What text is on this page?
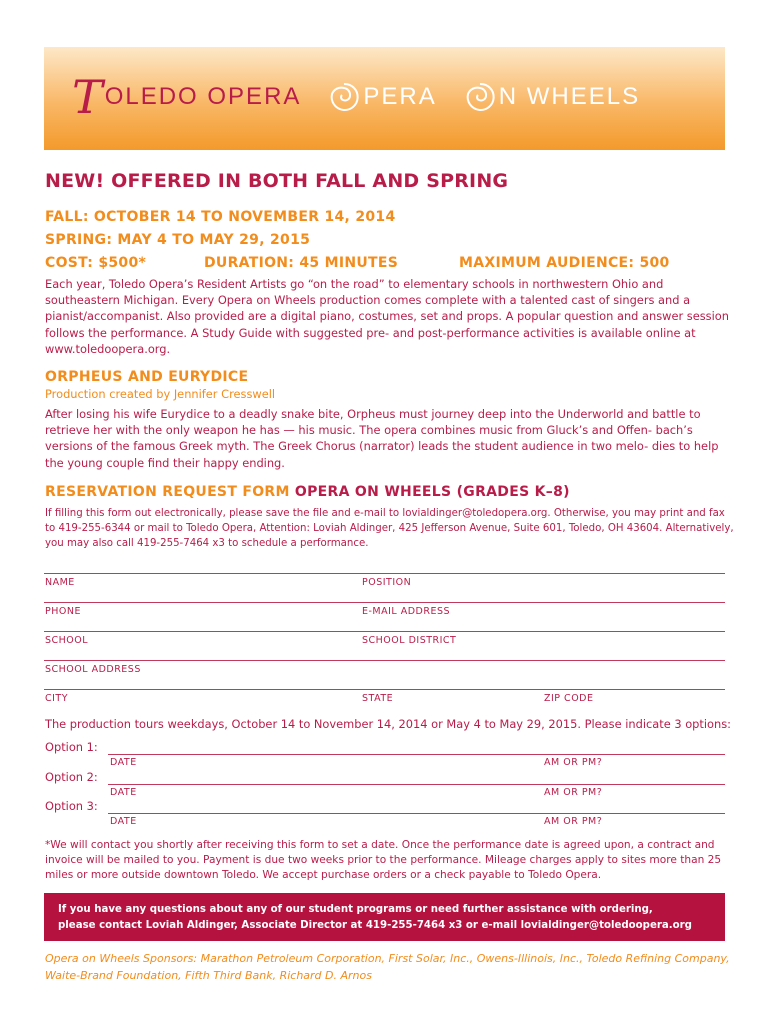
T OLEDO OPERA	PERA	N WHEELS
NEW! OFFERED IN BOTH FALL AND SPRING
FALL: OCTOBER 14 TO NOVEMBER 14, 2014
SPRING: MAY 4 TO MAY 29, 2015
COST: $500*	DURATION: 45 MINUTES	MAXIMUM AUDIENCE: 500
Each year, Toledo Opera’s Resident Artists go “on the road” to elementary schools in northwestern Ohio and southeastern Michigan. Every Opera on Wheels production comes complete with a talented cast of singers and a pianist/accompanist. Also provided are a digital piano, costumes, set and props. A popular question and answer session follows the performance. A Study Guide with suggested pre- and post-performance activities is available online at www.toledoopera.org.
ORPHEUS AND EURYDICE
Production created by Jennifer Cresswell
After losing his wife Eurydice to a deadly snake bite, Orpheus must journey deep into the Underworld and battle to retrieve her with the only weapon he has — his music. The opera combines music from Gluck’s and Offen- bach’s versions of the famous Greek myth. The Greek Chorus (narrator) leads the student audience in two melo- dies to help the young couple find their happy ending.
RESERVATION REQUEST FORM OPERA ON WHEELS (GRADES K–8)
If filling this form out electronically, please save the file and e-mail to lovialdinger@toledopera.org. Otherwise, you may print and fax to 419-255-6344 or mail to Toledo Opera, Attention: Loviah Aldinger, 425 Jefferson Avenue, Suite 601, Toledo, OH 43604. Alternatively, you may also call 419-255-7464 x3 to schedule a performance.
NAME	POSITION
PHONE	E-MAIL ADDRESS
SCHOOL	SCHOOL DISTRICT
SCHOOL ADDRESS
CITY	STATE	ZIP CODE
The production tours weekdays, October 14 to November 14, 2014 or May 4 to May 29, 2015. Please indicate 3 options:
Option 1:
DATE	AM OR PM?
Option 2:
DATE	AM OR PM?
Option 3:
DATE	AM OR PM?
*We will contact you shortly after receiving this form to set a date. Once the performance date is agreed upon, a contract and invoice will be mailed to you. Payment is due two weeks prior to the performance. Mileage charges apply to sites more than 25 miles or more outside downtown Toledo. We accept purchase orders or a check payable to Toledo Opera.
If you have any questions about any of our student programs or need further assistance with ordering,
please contact Loviah Aldinger, Associate Director at 419-255-7464 x3 or e-mail lovialdinger@toledoopera.org
Opera on Wheels Sponsors: Marathon Petroleum Corporation, First Solar, Inc., Owens-Illinois, Inc., Toledo Refining Company, Waite-Brand Foundation, Fifth Third Bank, Richard D. Arnos
